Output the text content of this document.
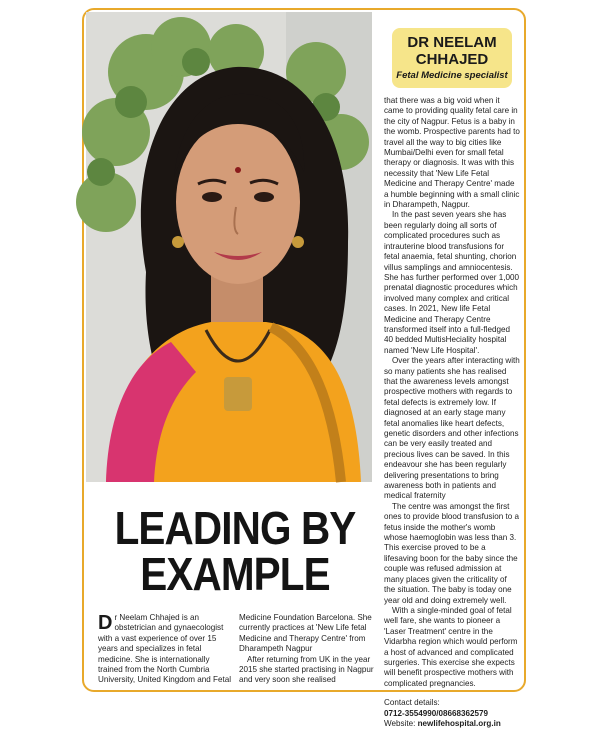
DR NEELAM
CHHAJED
Fetal Medicine specialist
LEADING BY
EXAMPLE

Dr Neelam Chhajed is an obstetrician and gynaecologist with a vast experience of over 15 years and specializes in fetal medicine. She is internationally trained from the North Cumbria University, United Kingdom and Fetal

Medicine Foundation Barcelona. She currently practices at 'New Life fetal Medicine and Therapy Centre' from Dharampeth Nagpur

After returning from UK in the year 2015 she started practising in Nagpur and very soon she realised

that there was a big void when it came to providing quality fetal care in the city of Nagpur. Fetus is a baby in the womb. Prospective parents had to travel all the way to big cities like Mumbai/Delhi even for small fetal therapy or diagnosis. It was with this necessity that 'New Life Fetal Medicine and Therapy Centre' made a humble beginning with a small clinic in Dharampeth, Nagpur.

In the past seven years she has been regularly doing all sorts of complicated procedures such as intrauterine blood transfusions for fetal anaemia, fetal shunting, chorion villus samplings and amniocentesis. She has further performed over 1,000 prenatal diagnostic procedures which involved many complex and critical cases. In 2021, New life Fetal Medicine and Therapy Centre transformed itself into a full-fledged 40 bedded MultisHeciality hospital named 'New Life Hospital'.

Over the years after interacting with so many patients she has realised that the awareness levels amongst prospective mothers with regards to fetal defects is extremely low. If diagnosed at an early stage many fetal anomalies like heart defects, genetic disorders and other infections can be very easily treated and precious lives can be saved. In this endeavour she has been regularly delivering presentations to bring awareness both in patients and medical fraternity

The centre was amongst the first ones to provide blood transfusion to a fetus inside the mother's womb whose haemoglobin was less than 3. This exercise proved to be a lifesaving boon for the baby since the couple was refused admission at many places given the criticality of the situation. The baby is today one year old and doing extremely well.

With a single-minded goal of fetal well fare, she wants to pioneer a 'Laser Treatment' centre in the Vidarbha region which would perform a host of advanced and complicated surgeries. This exercise she expects will benefit prospective mothers with complicated pregnancies.

Contact details:
0712-3554990/08668362579
Website: newlifehospital.org.in
